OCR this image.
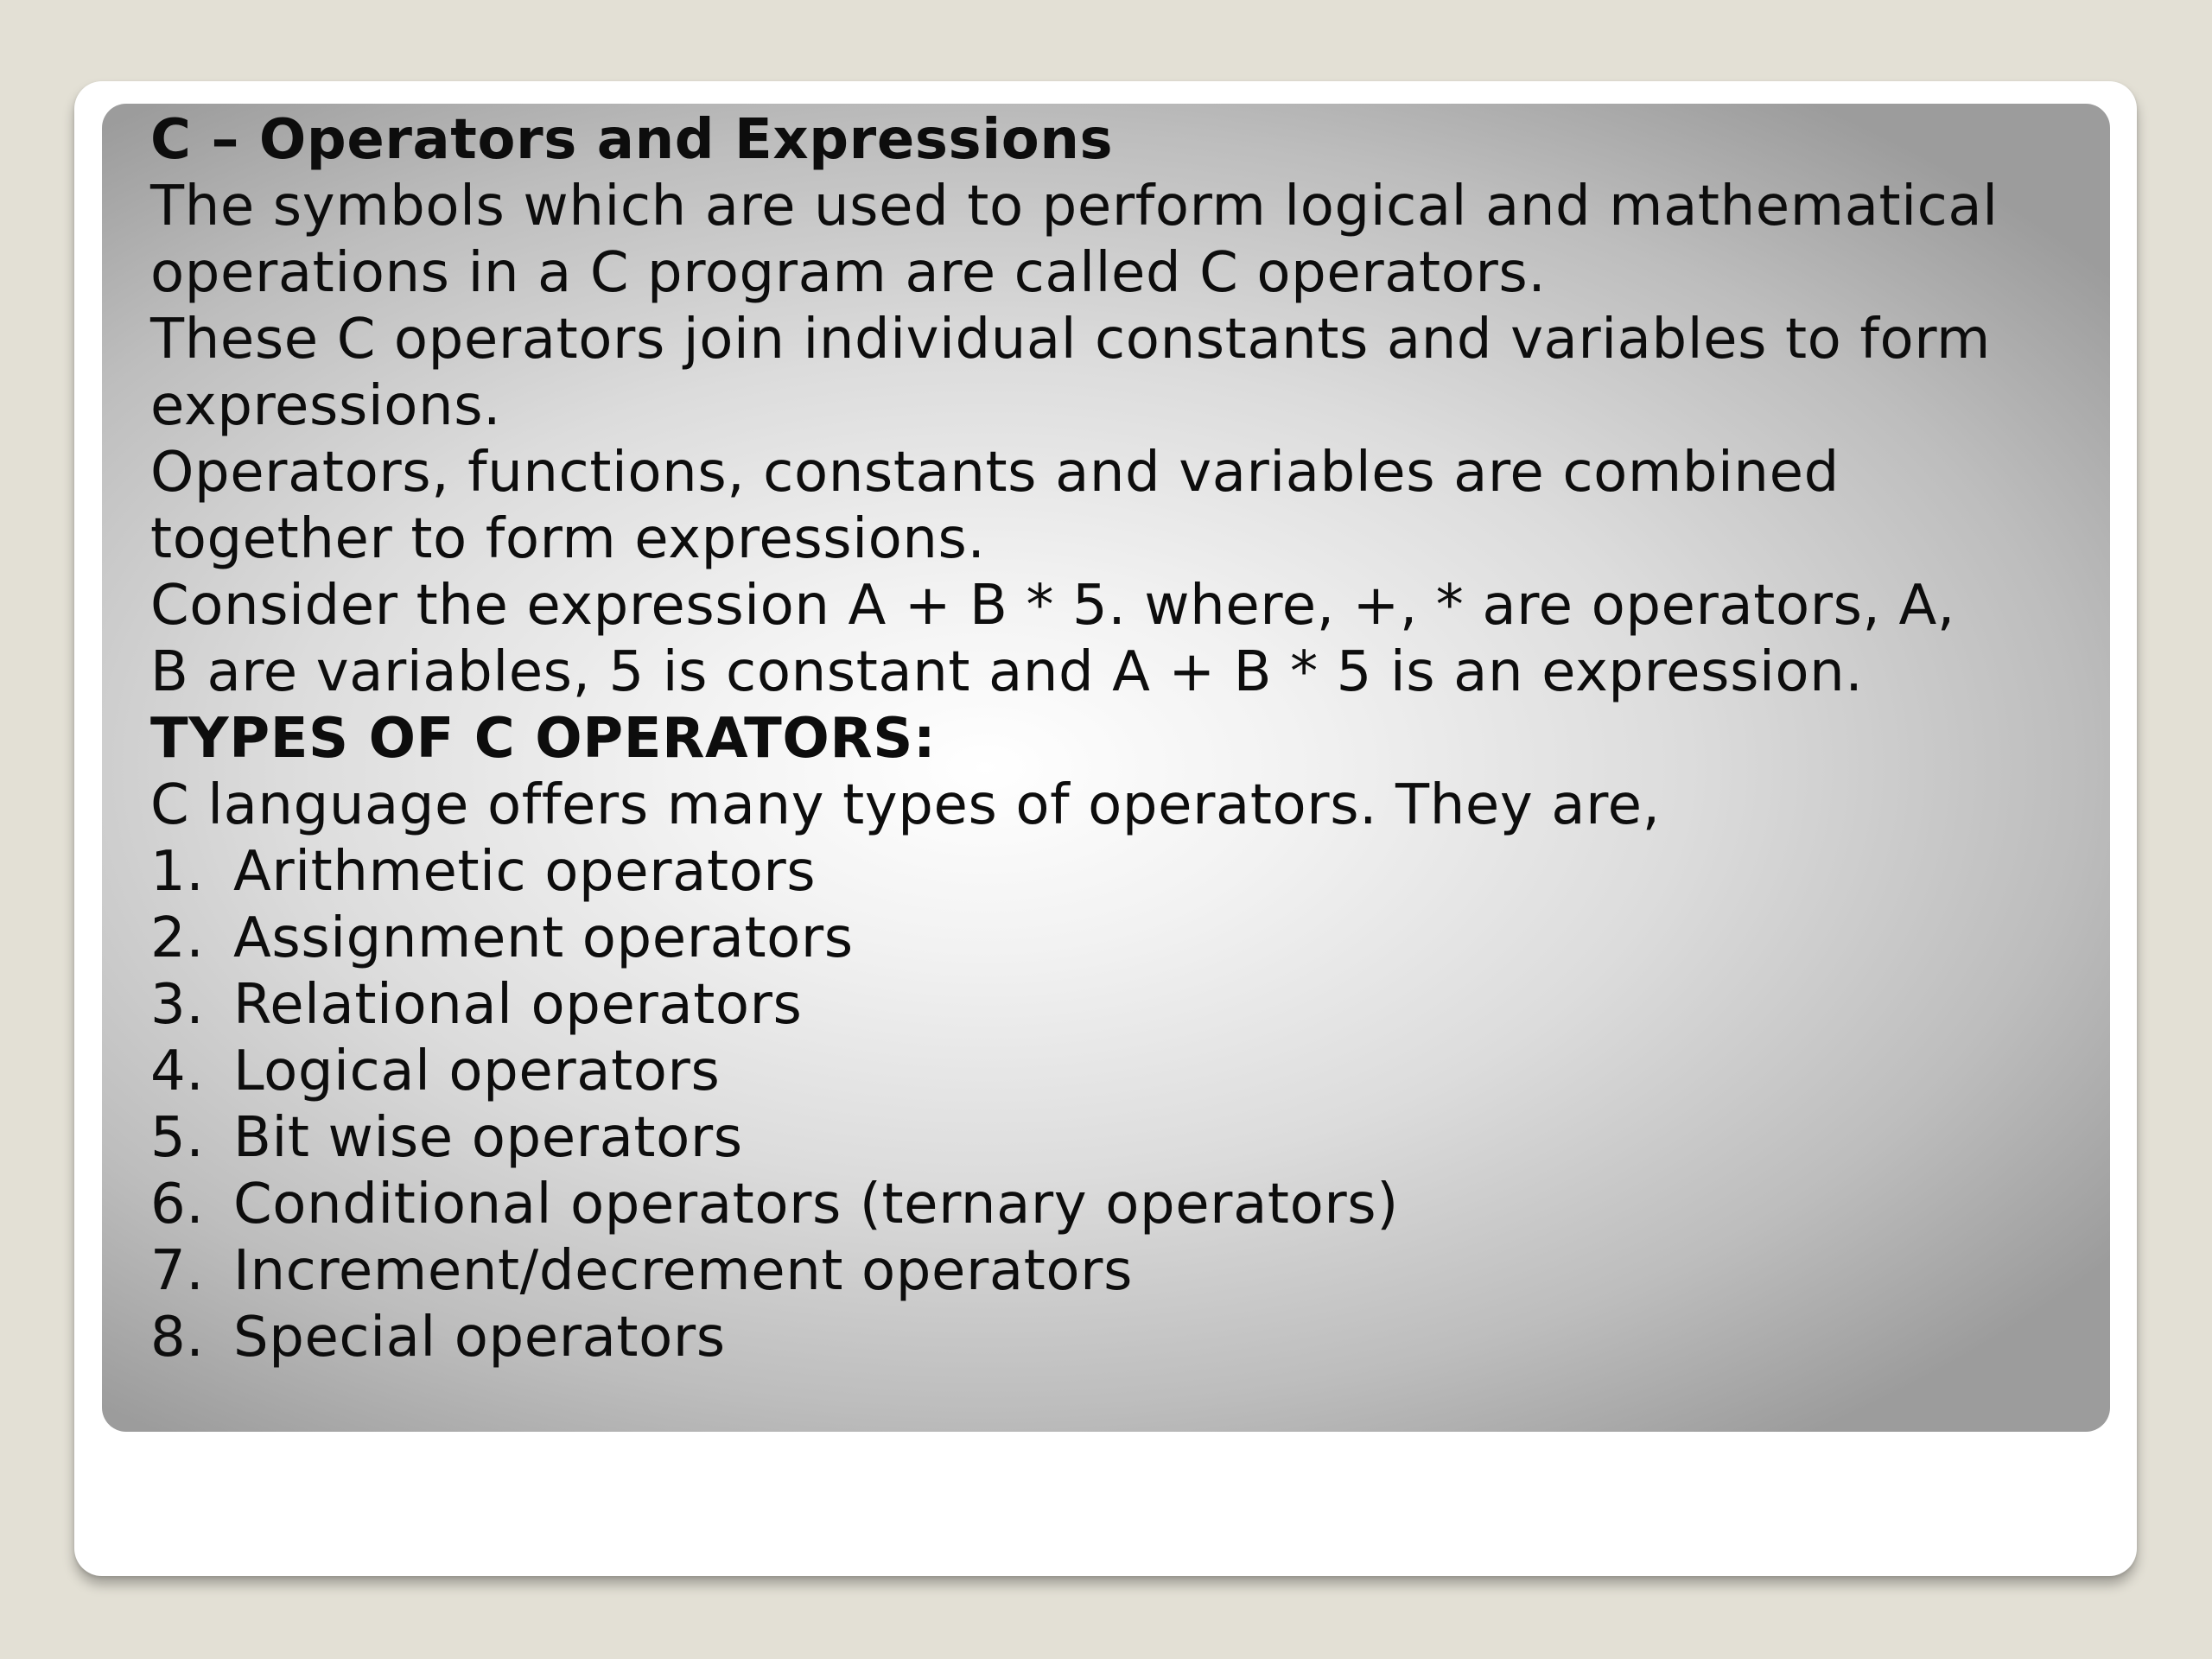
C – Operators and Expressions
The symbols which are used to perform logical and mathematical
operations in a C program are called C operators.
These C operators join individual constants and variables to form
expressions.
Operators, functions, constants and variables are combined
together to form expressions.
Consider the expression A + B * 5. where, +, * are operators, A,
B are variables, 5 is constant and A + B * 5 is an expression.
TYPES OF C OPERATORS:
C language offers many types of operators. They are,
1. Arithmetic operators
2. Assignment operators
3. Relational operators
4. Logical operators
5. Bit wise operators
6. Conditional operators (ternary operators)
7. Increment/decrement operators
8. Special operators
